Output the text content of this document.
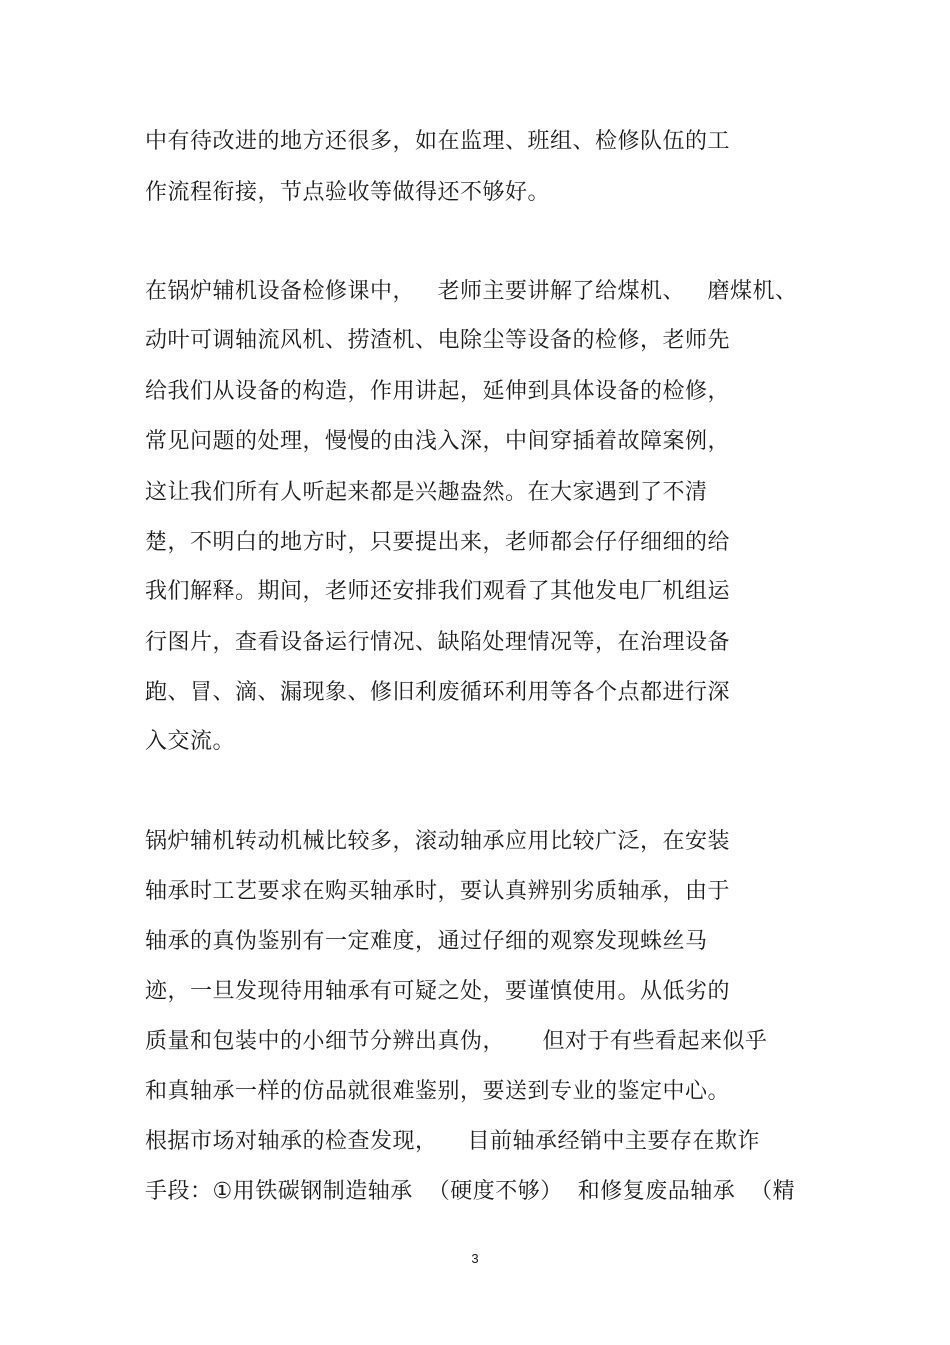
中有待改进的地方还很多，如在监理、班组、检修队伍的工
作流程衔接，节点验收等做得还不够好。
在锅炉辅机设备检修课中，   老师主要讲解了给煤机、   磨煤机、
动叶可调轴流风机、捞渣机、电除尘等设备的检修，老师先
给我们从设备的构造，作用讲起，延伸到具体设备的检修，
常见问题的处理，慢慢的由浅入深，中间穿插着故障案例，
这让我们所有人听起来都是兴趣盎然。在大家遇到了不清
楚，不明白的地方时，只要提出来，老师都会仔仔细细的给
我们解释。期间，老师还安排我们观看了其他发电厂机组运
行图片，查看设备运行情况、缺陷处理情况等，在治理设备
跑、冒、滴、漏现象、修旧利废循环利用等各个点都进行深
入交流。
锅炉辅机转动机械比较多，滚动轴承应用比较广泛，在安装
轴承时工艺要求在购买轴承时，要认真辨别劣质轴承，由于
轴承的真伪鉴别有一定难度，通过仔细的观察发现蛛丝马
迹，一旦发现待用轴承有可疑之处，要谨慎使用。从低劣的
质量和包装中的小细节分辨出真伪，     但对于有些看起来似乎
和真轴承一样的仿品就很难鉴别，要送到专业的鉴定中心。
根据市场对轴承的检查发现，    目前轴承经销中主要存在欺诈
手段：①用铁碳钢制造轴承  （硬度不够）  和修复废品轴承  （精
3
